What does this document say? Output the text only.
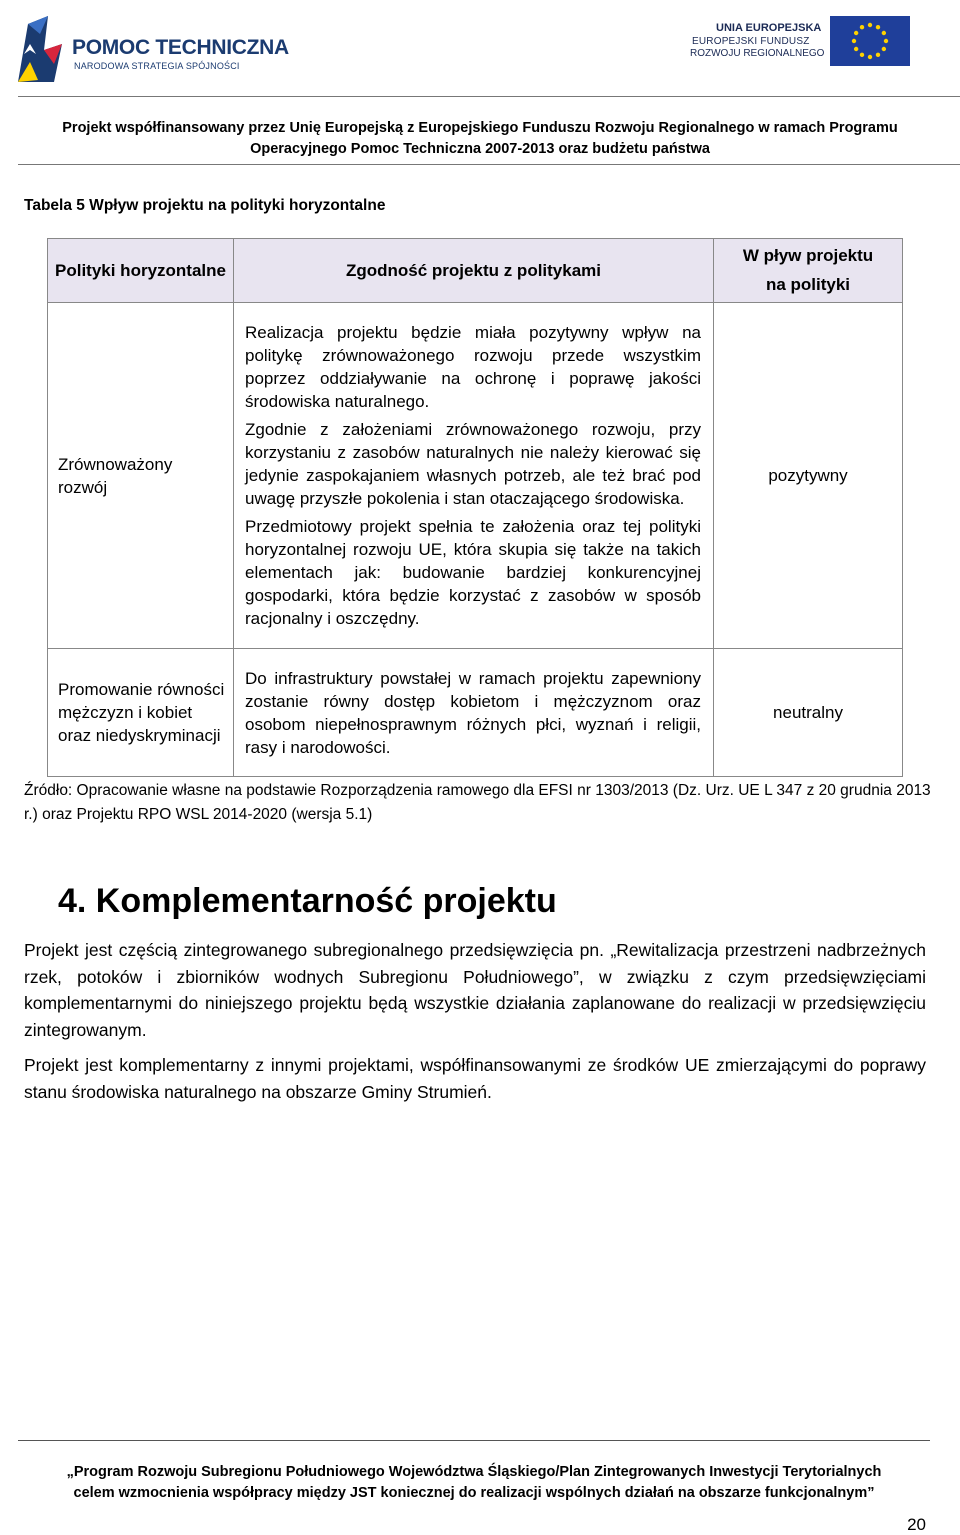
POMOC TECHNICZNA
NARODOWA STRATEGIA SPÓJNOŚCI
UNIA EUROPEJSKA
EUROPEJSKI FUNDUSZ
ROZWOJU REGIONALNEGO
Projekt współfinansowany przez Unię Europejską z Europejskiego Funduszu Rozwoju Regionalnego w ramach Programu
Operacyjnego Pomoc Techniczna 2007-2013 oraz budżetu państwa
Tabela 5 Wpływ projektu na polityki horyzontalne
Polityki horyzontalne	Zgodność projektu z politykami	W pływ projektu
na polityki

Zrównoważony rozwój	Realizacja projektu będzie miała pozytywny wpływ na politykę zrównoważonego rozwoju przede wszystkim poprzez oddziaływanie na ochronę i poprawę jakości środowiska naturalnego.

Zgodnie z założeniami zrównoważonego rozwoju, przy korzystaniu z zasobów naturalnych nie należy kierować się jedynie zaspokajaniem własnych potrzeb, ale też brać pod uwagę przyszłe pokolenia i stan otaczającego środowiska.

Przedmiotowy projekt spełnia te założenia oraz tej polityki horyzontalnej rozwoju UE, która skupia się także na takich elementach jak: budowanie bardziej konkurencyjnej gospodarki, która będzie korzystać z zasobów w sposób racjonalny i oszczędny.	pozytywny
Promowanie równości mężczyzn i kobiet oraz niedyskryminacji	Do infrastruktury powstałej w ramach projektu zapewniony zostanie równy dostęp kobietom i mężczyznom oraz osobom niepełnosprawnym różnych płci, wyznań i religii, rasy i narodowości.	neutralny
Źródło: Opracowanie własne na podstawie Rozporządzenia ramowego dla EFSI nr 1303/2013 (Dz. Urz. UE L 347 z 20 grudnia 2013 r.) oraz Projektu RPO WSL 2014-2020 (wersja 5.1)
4. Komplementarność projektu

Projekt jest częścią zintegrowanego subregionalnego przedsięwzięcia pn. „Rewitalizacja przestrzeni nadbrzeżnych rzek, potoków i zbiorników wodnych Subregionu Południowego”, w związku z czym przedsięwzięciami komplementarnymi do niniejszego projektu będą wszystkie działania zaplanowane do realizacji w przedsięwzięciu zintegrowanym.

Projekt jest komplementarny z innymi projektami, współfinansowanymi ze środków UE zmierzającymi do poprawy stanu środowiska naturalnego na obszarze Gminy Strumień.

„Program Rozwoju Subregionu Południowego Województwa Śląskiego/Plan Zintegrowanych Inwestycji Terytorialnych
celem wzmocnienia współpracy między JST koniecznej do realizacji wspólnych działań na obszarze funkcjonalnym”
20
